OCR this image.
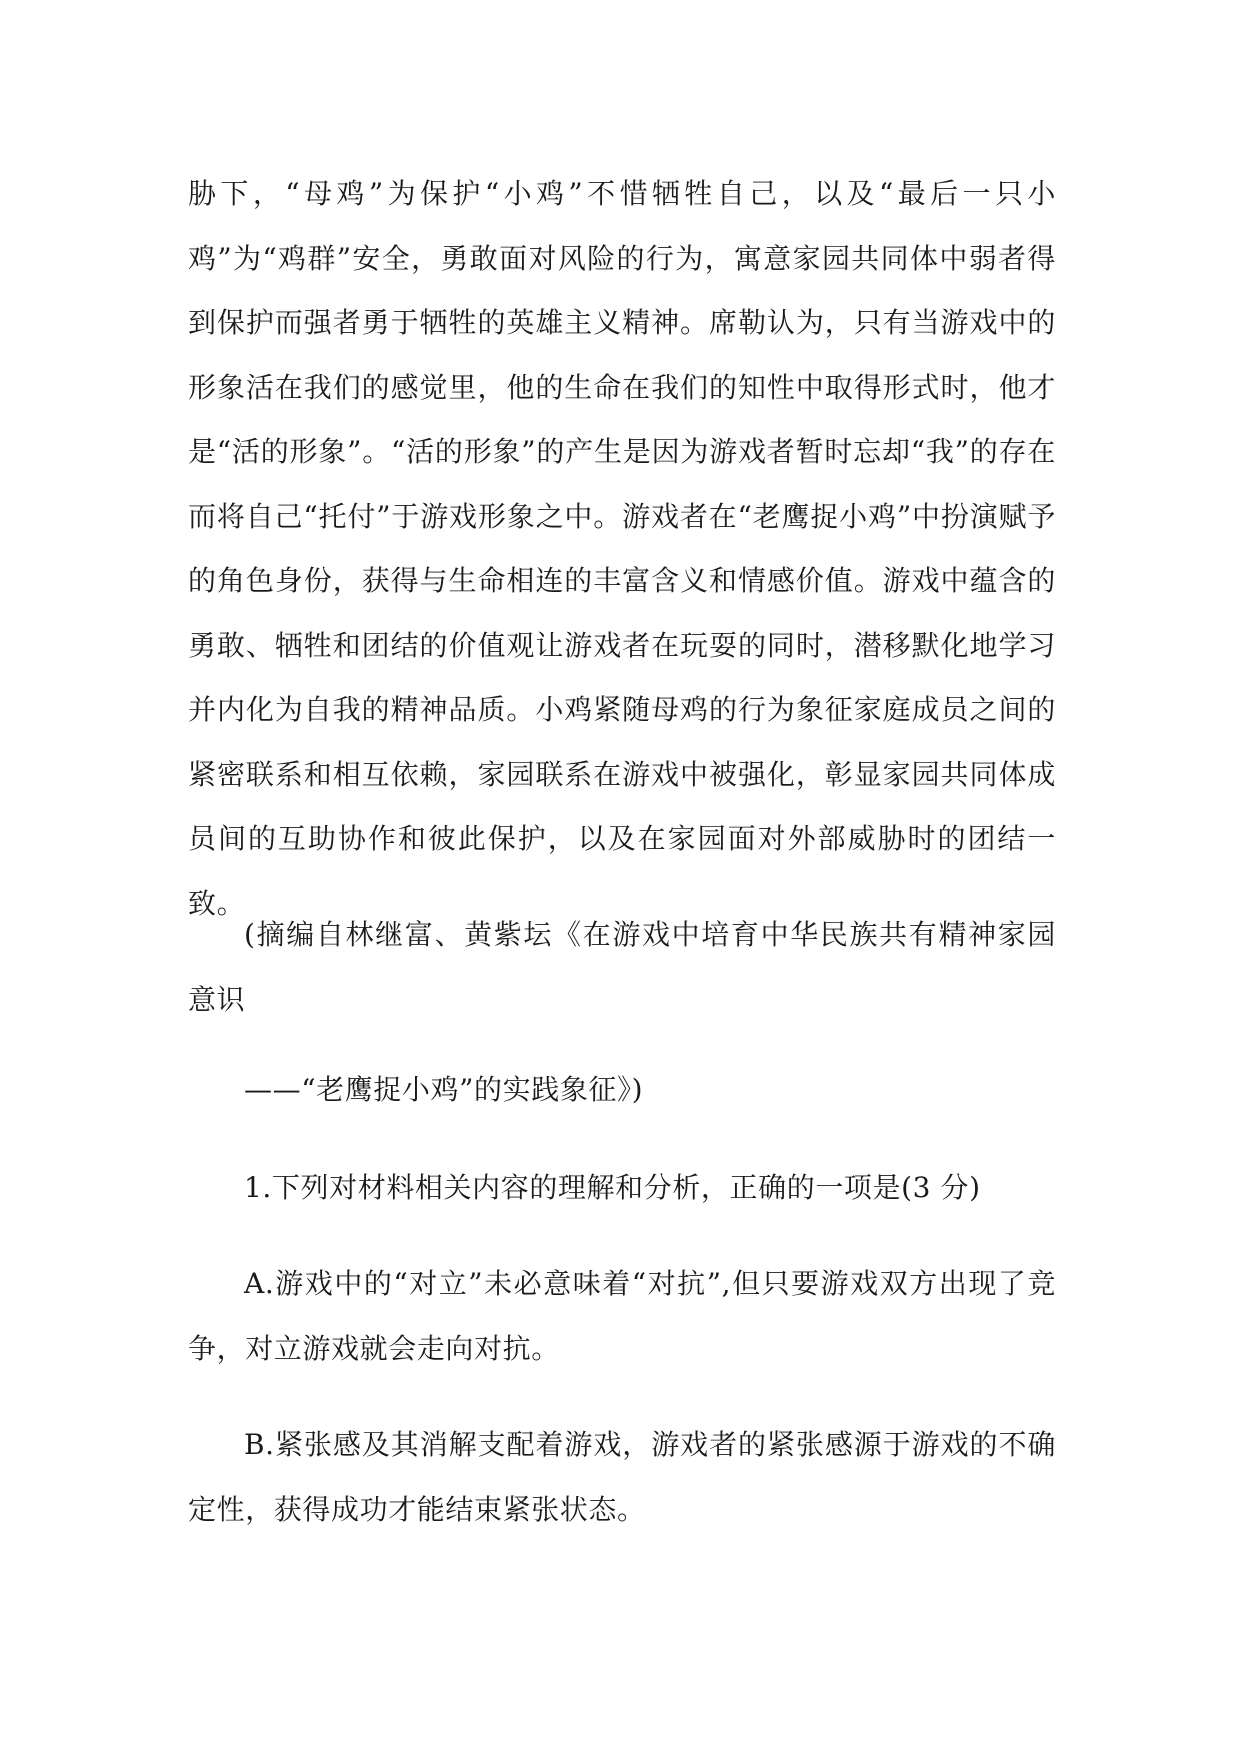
胁下，“母鸡”为保护“小鸡”不惜牺牲自己，以及“最后一只小鸡”为“鸡群”安全，勇敢面对风险的行为，寓意家园共同体中弱者得到保护而强者勇于牺牲的英雄主义精神。席勒认为，只有当游戏中的形象活在我们的感觉里，他的生命在我们的知性中取得形式时，他才是“活的形象”。“活的形象”的产生是因为游戏者暂时忘却“我”的存在而将自己“托付”于游戏形象之中。游戏者在“老鹰捉小鸡”中扮演赋予的角色身份，获得与生命相连的丰富含义和情感价值。游戏中蕴含的勇敢、牺牲和团结的价值观让游戏者在玩耍的同时，潜移默化地学习并内化为自我的精神品质。小鸡紧随母鸡的行为象征家庭成员之间的紧密联系和相互依赖，家园联系在游戏中被强化，彰显家园共同体成员间的互助协作和彼此保护，以及在家园面对外部威胁时的团结一致。

(摘编自林继富、黄紫坛《在游戏中培育中华民族共有精神家园意识

——“老鹰捉小鸡”的实践象征》)

1.下列对材料相关内容的理解和分析，正确的一项是(3 分)

A.游戏中的“对立”未必意味着“对抗”,但只要游戏双方出现了竞争，对立游戏就会走向对抗。

B.紧张感及其消解支配着游戏，游戏者的紧张感源于游戏的不确定性，获得成功才能结束紧张状态。
